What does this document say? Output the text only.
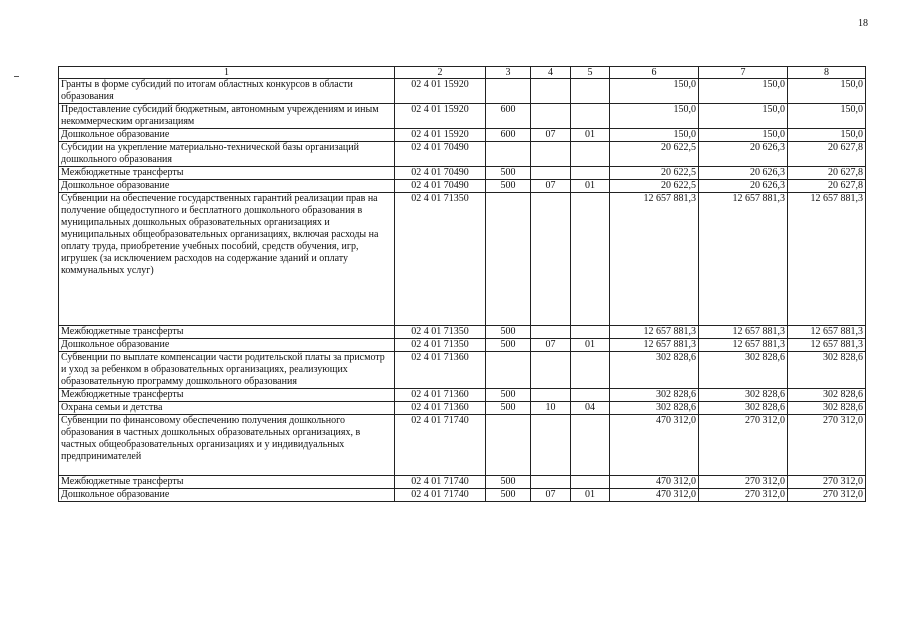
18
1	2	3	4	5	6	7	8
Гранты в форме субсидий по итогам областных конкурсов в области образования	02 4 01 15920				150,0	150,0	150,0
Предоставление субсидий бюджетным, автономным учреждениям и иным некоммерческим организациям	02 4 01 15920	600			150,0	150,0	150,0
Дошкольное образование	02 4 01 15920	600	07	01	150,0	150,0	150,0
Субсидии на укрепление материально-технической базы организаций дошкольного образования	02 4 01 70490				20 622,5	20 626,3	20 627,8
Межбюджетные трансферты	02 4 01 70490	500			20 622,5	20 626,3	20 627,8
Дошкольное образование	02 4 01 70490	500	07	01	20 622,5	20 626,3	20 627,8
Субвенции на обеспечение государственных гарантий реализации прав на получение общедоступного и бесплатного дошкольного образования в муниципальных дошкольных образовательных организациях и муниципальных общеобразовательных организациях, включая расходы на оплату труда, приобретение учебных пособий, средств обучения, игр, игрушек (за исключением расходов на содержание зданий и оплату коммунальных услуг)	02 4 01 71350				12 657 881,3	12 657 881,3	12 657 881,3
Межбюджетные трансферты	02 4 01 71350	500			12 657 881,3	12 657 881,3	12 657 881,3
Дошкольное образование	02 4 01 71350	500	07	01	12 657 881,3	12 657 881,3	12 657 881,3
Субвенции по выплате компенсации части родительской платы за присмотр и уход за ребенком в образовательных организациях, реализующих образовательную программу дошкольного образования	02 4 01 71360				302 828,6	302 828,6	302 828,6
Межбюджетные трансферты	02 4 01 71360	500			302 828,6	302 828,6	302 828,6
Охрана семьи и детства	02 4 01 71360	500	10	04	302 828,6	302 828,6	302 828,6
Субвенции по финансовому обеспечению получения дошкольного образования в частных дошкольных образовательных организациях, в частных общеобразовательных организациях и у индивидуальных предпринимателей	02 4 01 71740				470 312,0	270 312,0	270 312,0
Межбюджетные трансферты	02 4 01 71740	500			470 312,0	270 312,0	270 312,0
Дошкольное образование	02 4 01 71740	500	07	01	470 312,0	270 312,0	270 312,0
